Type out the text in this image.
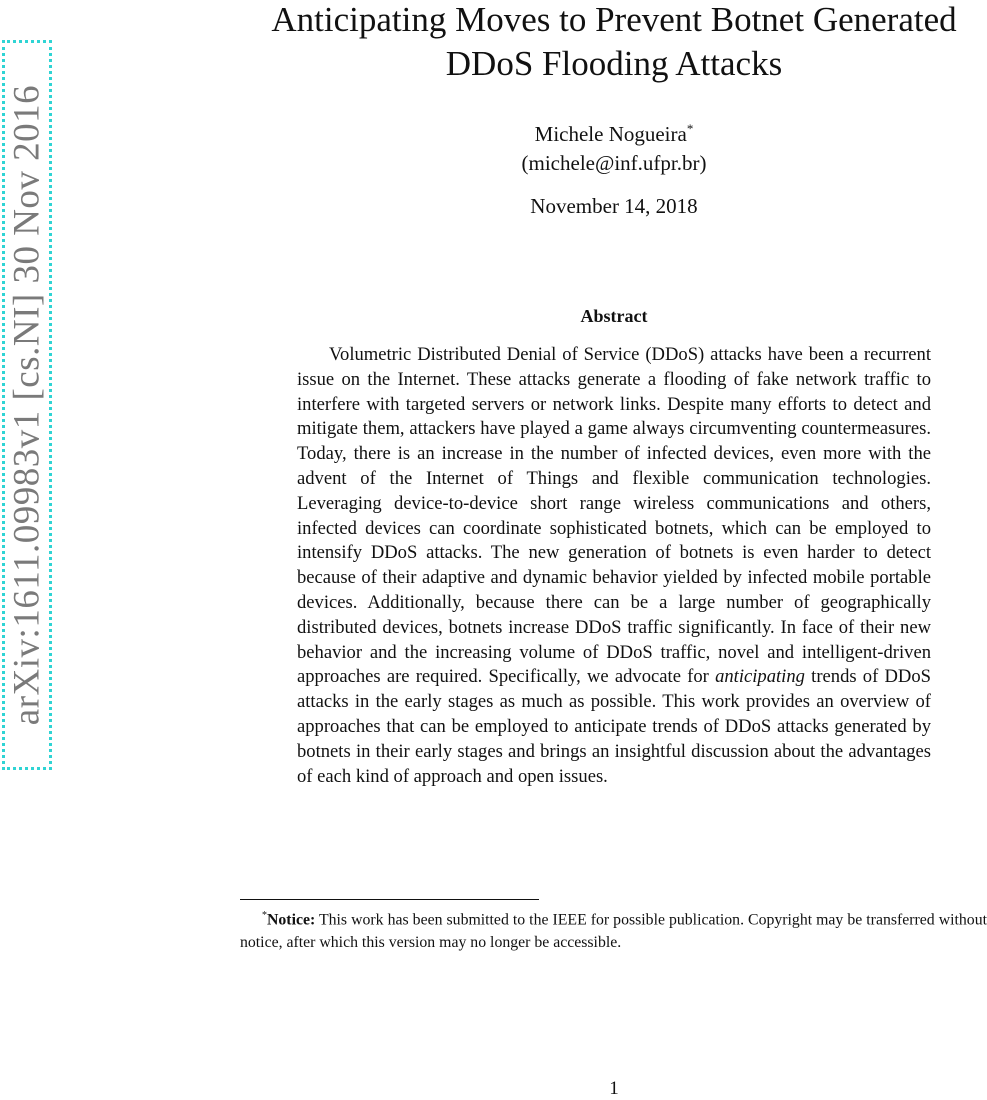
arXiv:1611.09983v1 [cs.NI] 30 Nov 2016
Anticipating Moves to Prevent Botnet Generated
DDoS Flooding Attacks
Michele Nogueira*
(michele@inf.ufpr.br)
November 14, 2018
Abstract

Volumetric Distributed Denial of Service (DDoS) attacks have been a recurrent issue on the Internet. These attacks generate a flooding of fake network traffic to interfere with targeted servers or network links. Despite many efforts to detect and mitigate them, attackers have played a game always circumventing countermeasures. Today, there is an increase in the number of infected devices, even more with the advent of the Internet of Things and flexible communication technologies. Leveraging device-to-device short range wireless communications and others, infected devices can coordinate sophisticated botnets, which can be employed to intensify DDoS attacks. The new generation of botnets is even harder to detect because of their adaptive and dynamic behavior yielded by infected mobile portable devices. Additionally, because there can be a large number of geographically distributed devices, botnets increase DDoS traffic significantly. In face of their new behavior and the increasing volume of DDoS traffic, novel and intelligent-driven approaches are required. Specifically, we advocate for anticipating trends of DDoS attacks in the early stages as much as possible. This work provides an overview of approaches that can be employed to anticipate trends of DDoS attacks generated by botnets in their early stages and brings an insightful discussion about the advantages of each kind of approach and open issues.

*Notice: This work has been submitted to the IEEE for possible publication. Copyright may be transferred without notice, after which this version may no longer be accessible.

1
